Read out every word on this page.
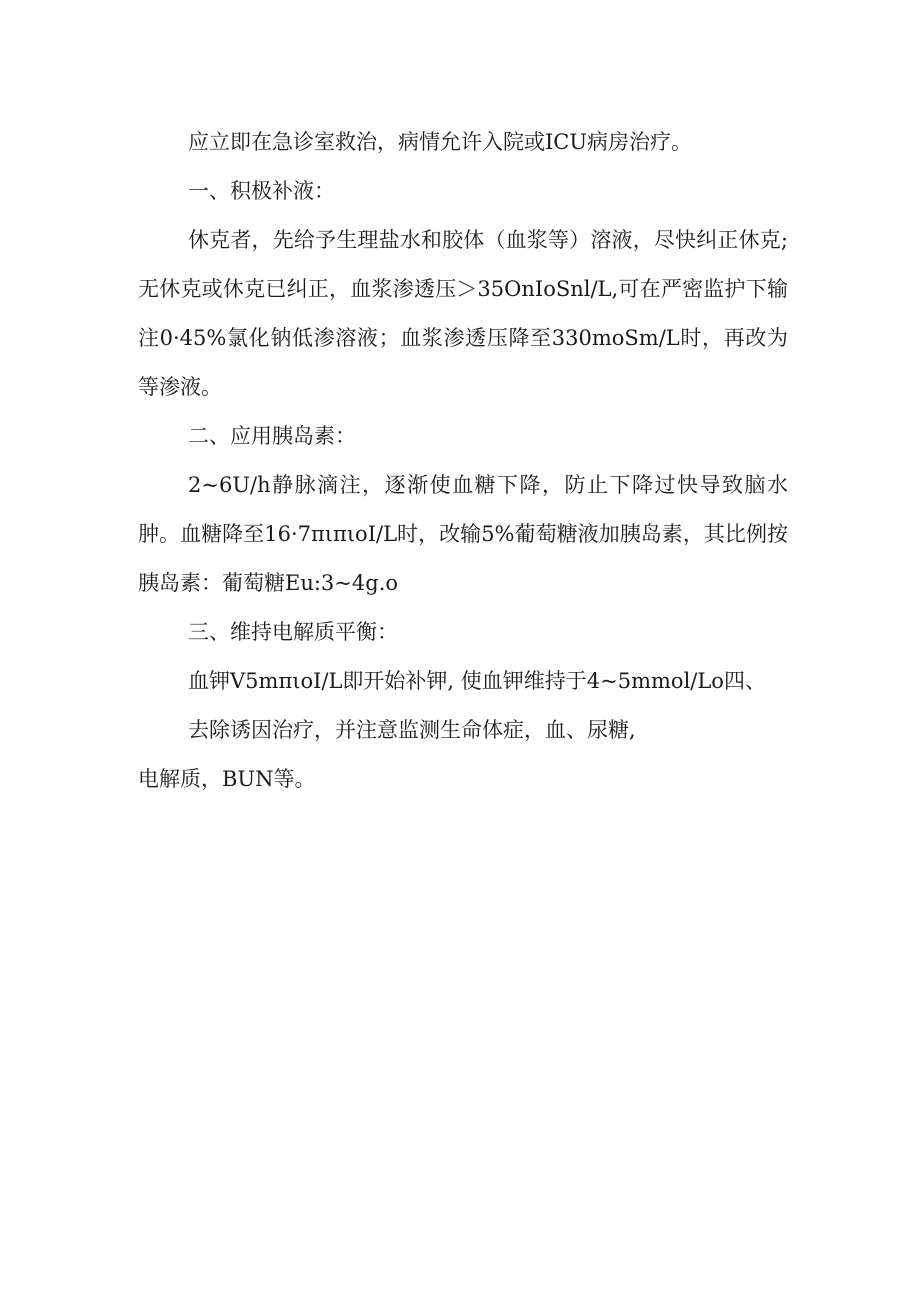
应立即在急诊室救治，病情允许入院或ICU病房治疗。

一、积极补液：

休克者，先给予生理盐水和胶体（血浆等）溶液，尽快纠正休克; 无休克或休克已纠正，血浆渗透压＞35OnIoSnl/L,可在严密监护下输注0·45%氯化钠低渗溶液；血浆渗透压降至330moSm/L时，再改为等渗液。

二、应用胰岛素：

2~6U/h静脉滴注，逐渐使血糖下降，防止下降过快导致脑水肿。血糖降至16·7πιπιoI/L时，改输5%葡萄糖液加胰岛素，其比例按胰岛素：葡萄糖Eu:3~4g.o

三、维持电解质平衡：

血钾V5mπιoI/L即开始补钾, 使血钾维持于4~5mmol/Lo四、

去除诱因治疗，并注意监测生命体症，血、尿糖,

电解质，BUN等。
